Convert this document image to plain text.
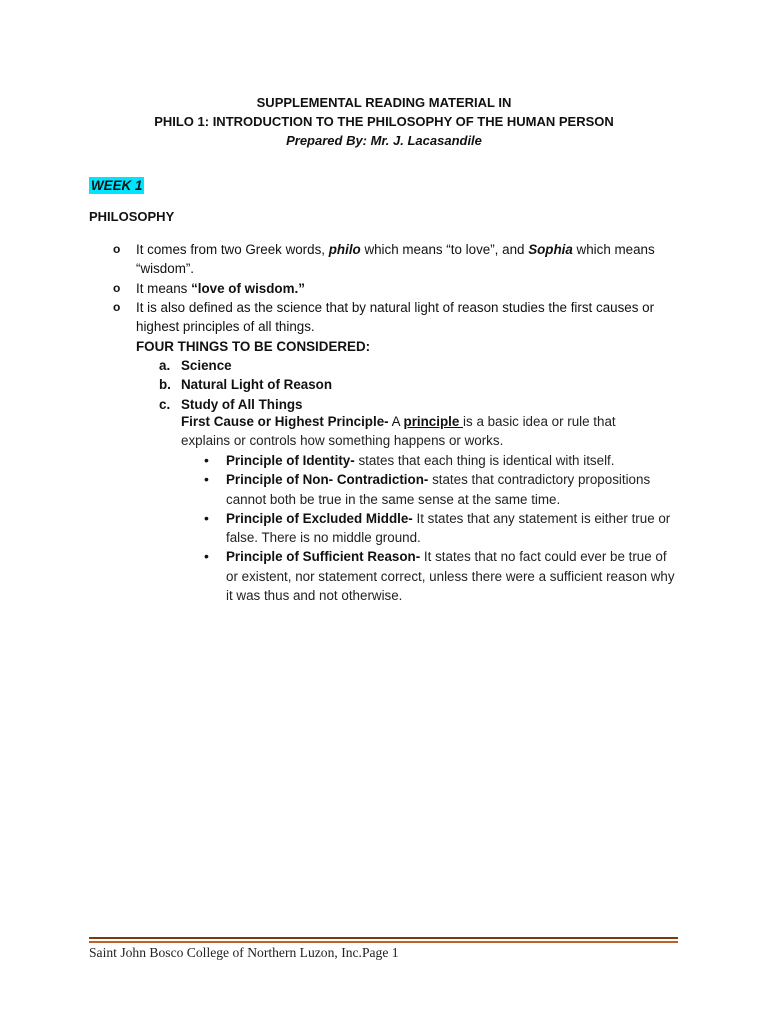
SUPPLEMENTAL READING MATERIAL IN
PHILO 1: INTRODUCTION TO THE PHILOSOPHY OF THE HUMAN PERSON
Prepared By: Mr. J. Lacasandile
WEEK 1
PHILOSOPHY
o It comes from two Greek words, philo which means “to love”, and Sophia which means “wisdom”.
o It means “love of wisdom.”
o It is also defined as the science that by natural light of reason studies the first causes or highest principles of all things.
FOUR THINGS TO BE CONSIDERED:
a. Science
b. Natural Light of Reason
c. Study of All Things
First Cause or Highest Principle- A principle is a basic idea or rule that explains or controls how something happens or works.
• Principle of Identity- states that each thing is identical with itself.
• Principle of Non- Contradiction- states that contradictory propositions cannot both be true in the same sense at the same time.
• Principle of Excluded Middle- It states that any statement is either true or false. There is no middle ground.
• Principle of Sufficient Reason- It states that no fact could ever be true of or existent, nor statement correct, unless there were a sufficient reason why it was thus and not otherwise.
Saint John Bosco College of Northern Luzon, Inc.Page 1
